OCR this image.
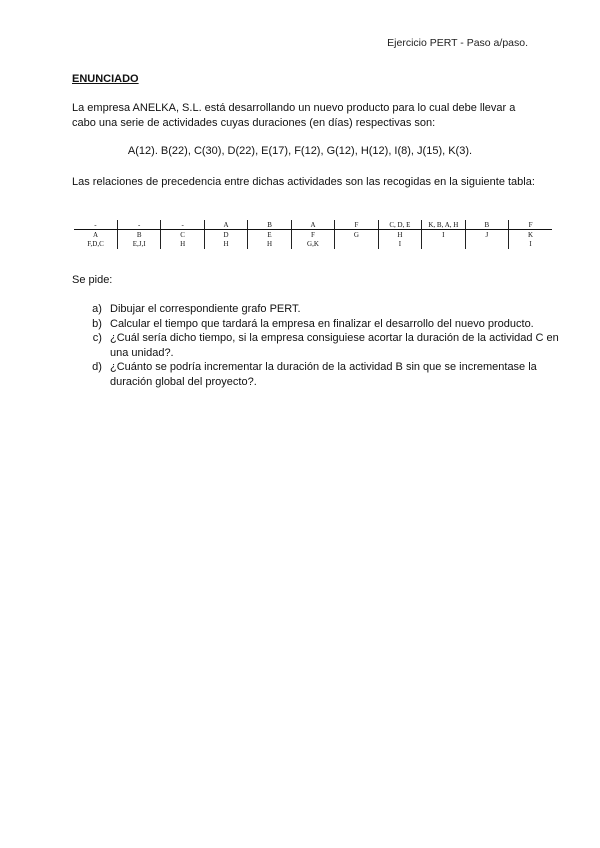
Ejercicio PERT - Paso a/paso.
ENUNCIADO
La empresa ANELKA, S.L. está desarrollando un nuevo producto para lo cual debe llevar a cabo una serie de actividades cuyas duraciones (en días) respectivas son:
A(12). B(22), C(30), D(22), E(17), F(12), G(12), H(12), I(8), J(15), K(3).
Las relaciones de precedencia entre dichas actividades son las recogidas en la siguiente tabla:
-	-	-	A	B	A	F	C, D, E	K, B, A, H	B	F
A	B	C	D	E	F	G	H	I	J	K
F,D,C	E,J,I	H	H	H	G,K		I			I
Se pide:
a. Dibujar el correspondiente grafo PERT.
b. Calcular el tiempo que tardará la empresa en finalizar el desarrollo del nuevo producto.
c. ¿Cuál sería dicho tiempo, si la empresa consiguiese acortar la duración de la actividad C en una unidad?.
d. ¿Cuánto se podría incrementar la duración de la actividad B sin que se incrementase la duración global del proyecto?.
